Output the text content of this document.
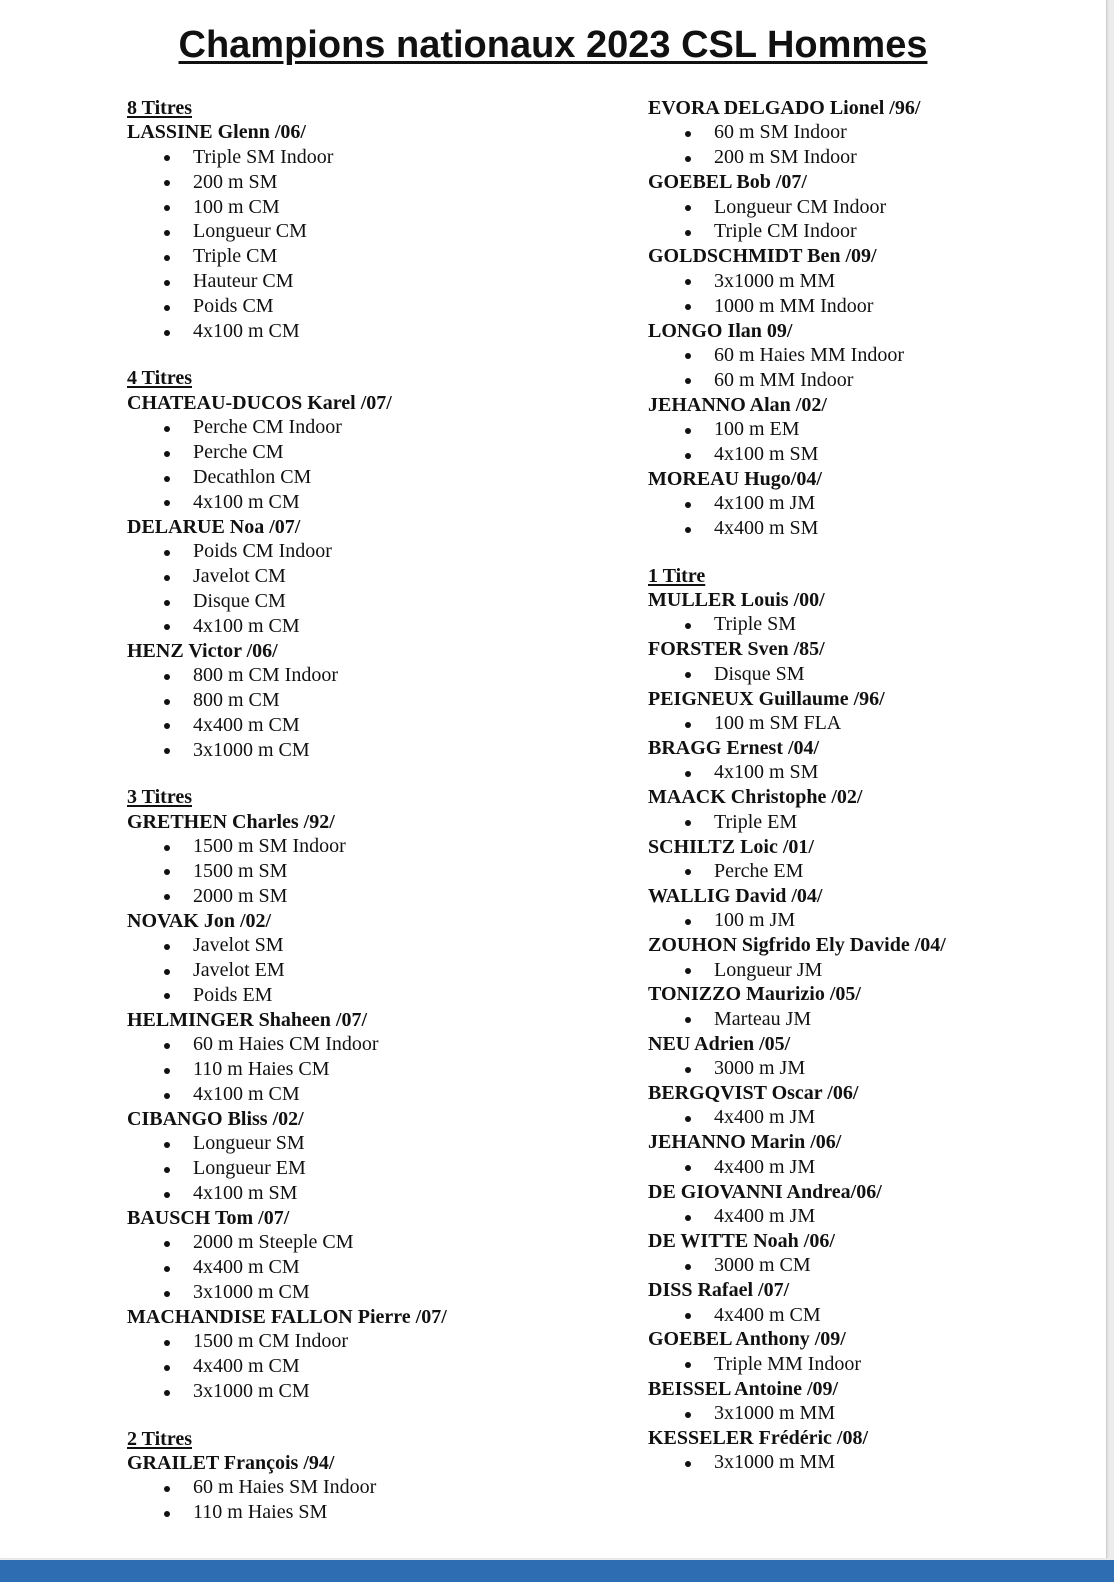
Champions nationaux 2023 CSL Hommes
8 Titres
LASSINE Glenn /06/
Triple SM Indoor
200 m SM
100 m CM
Longueur CM
Triple CM
Hauteur CM
Poids CM
4x100 m CM
4 Titres
CHATEAU-DUCOS Karel /07/
Perche CM Indoor
Perche CM
Decathlon CM
4x100 m CM
DELARUE Noa /07/
Poids CM Indoor
Javelot CM
Disque CM
4x100 m CM
HENZ Victor /06/
800 m CM Indoor
800 m CM
4x400 m CM
3x1000 m CM
3 Titres
GRETHEN Charles /92/
1500 m SM Indoor
1500 m SM
2000 m SM
NOVAK Jon /02/
Javelot SM
Javelot EM
Poids EM
HELMINGER Shaheen /07/
60 m Haies CM Indoor
110 m Haies CM
4x100 m CM
CIBANGO Bliss /02/
Longueur SM
Longueur EM
4x100 m SM
BAUSCH Tom /07/
2000 m Steeple CM
4x400 m CM
3x1000 m CM
MACHANDISE FALLON Pierre /07/
1500 m CM Indoor
4x400 m CM
3x1000 m CM
2 Titres
GRAILET François /94/
60 m Haies SM Indoor
110 m Haies SM
EVORA DELGADO Lionel /96/
60 m SM Indoor
200 m SM Indoor
GOEBEL Bob /07/
Longueur CM Indoor
Triple CM Indoor
GOLDSCHMIDT Ben /09/
3x1000 m MM
1000 m MM Indoor
LONGO Ilan 09/
60 m Haies MM Indoor
60 m MM Indoor
JEHANNO Alan /02/
100 m EM
4x100 m SM
MOREAU Hugo/04/
4x100 m JM
4x400 m SM
1 Titre
MULLER Louis /00/
Triple SM
FORSTER Sven /85/
Disque SM
PEIGNEUX Guillaume /96/
100 m SM FLA
BRAGG Ernest /04/
4x100 m SM
MAACK Christophe /02/
Triple EM
SCHILTZ Loic /01/
Perche EM
WALLIG David /04/
100 m JM
ZOUHON Sigfrido Ely Davide /04/
Longueur JM
TONIZZO Maurizio /05/
Marteau JM
NEU Adrien /05/
3000 m JM
BERGQVIST Oscar /06/
4x400 m JM
JEHANNO Marin /06/
4x400 m JM
DE GIOVANNI Andrea/06/
4x400 m JM
DE WITTE Noah /06/
3000 m CM
DISS Rafael /07/
4x400 m CM
GOEBEL Anthony /09/
Triple MM Indoor
BEISSEL Antoine /09/
3x1000 m MM
KESSELER Frédéric /08/
3x1000 m MM
